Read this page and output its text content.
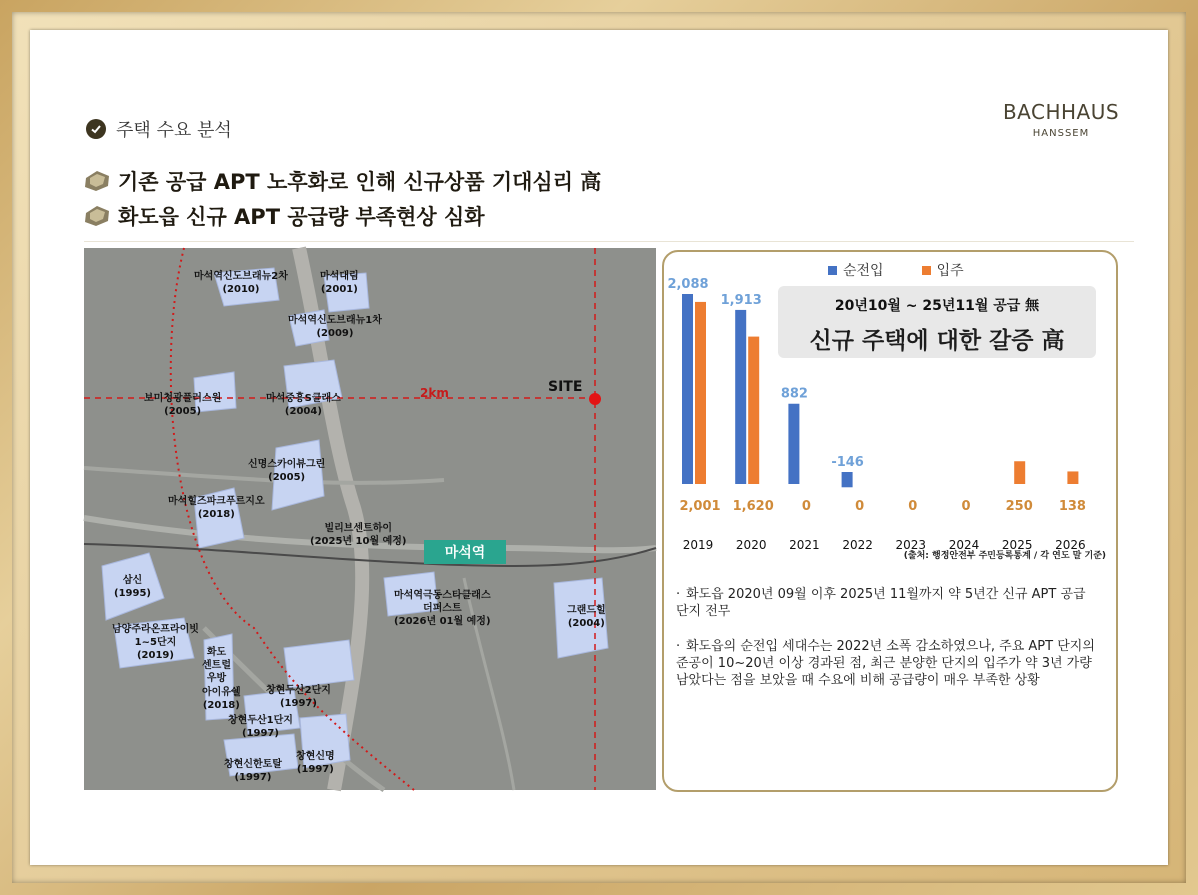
주택 수요 분석
BACHHAUS
HANSSEM
기존 공급 APT 노후화로 인해 신규상품 기대심리 高
화도읍 신규 APT 공급량 부족현상 심화
SITE
2km
마석역
마석역신도브래뉴2차
(2010)
마석대림
(2001)
마석역신도브래뉴1차
(2009)
보미청광플러스원
(2005)
마석중흥S클래스
(2004)
신명스카이뷰그린
(2005)
마석힐즈파크푸르지오
(2018)
빌리브센트하이
(2025년 10월 예정)
삼신
(1995)
남양주라온프라이빗
1~5단지
(2019)
마석역극동스타클래스
더퍼스트
(2026년 01월 예정)
그랜드힐
(2004)
화도
센트럴
우방
아이유쉘
(2018)
창현두산2단지
(1997)
창현두산1단지
(1997)
창현신명
(1997)
창현신한토탈
(1997)
2,088
2,001
2019
1,913
1,620
2020
882
0
2021
-146
0
2022
0
2023
0
2024
250
2025
138
2026
순전입	입주
20년10월 ~ 25년11월 공급 無
신규 주택에 대한 갈증 高
(출처: 행정안전부 주민등록통계 / 각 연도 말 기준)
· 화도읍 2020년 09월 이후 2025년 11월까지 약 5년간 신규 APT 공급단지 전무
· 화도읍의 순전입 세대수는 2022년 소폭 감소하였으나, 주요 APT 단지의 준공이 10~20년 이상 경과된 점, 최근 분양한 단지의 입주가 약 3년 가량 남았다는 점을 보았을 때 수요에 비해 공급량이 매우 부족한 상황
